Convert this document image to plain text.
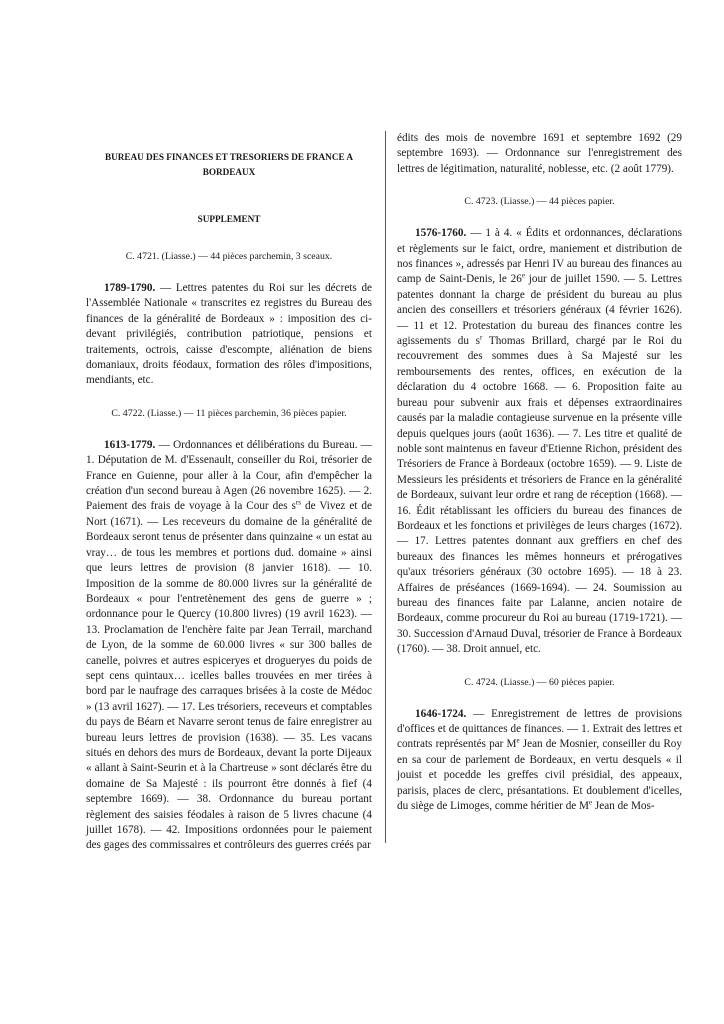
BUREAU DES FINANCES ET TRESORIERS DE FRANCE A BORDEAUX
SUPPLEMENT
C. 4721. (Liasse.) — 44 pièces parchemin, 3 sceaux.

1789-1790. — Lettres patentes du Roi sur les décrets de l'Assemblée Nationale « transcrites ez registres du Bureau des finances de la généralité de Bordeaux » : imposition des ci-devant privilégiés, contribution patriotique, pensions et traitements, octrois, caisse d'escompte, aliénation de biens domaniaux, droits féodaux, formation des rôles d'impositions, mendiants, etc.

C. 4722. (Liasse.) — 11 pièces parchemin, 36 pièces papier.

1613-1779. — Ordonnances et délibérations du Bureau. — 1. Députation de M. d'Essenault, conseiller du Roi, trésorier de France en Guienne, pour aller à la Cour, afin d'empêcher la création d'un second bureau à Agen (26 novembre 1625). — 2. Paiement des frais de voyage à la Cour des $s^{rs}$ de Vivez et de Nort (1671). — Les receveurs du domaine de la généralité de Bordeaux seront tenus de présenter dans quinzaine « un estat au vray… de tous les membres et portions dud. domaine » ainsi que leurs lettres de provision (8 janvier 1618). — 10. Imposition de la somme de 80.000 livres sur la généralité de Bordeaux « pour l'entretènement des gens de guerre » ; ordonnance pour le Quercy (10.800 livres) (19 avril 1623). — 13. Proclamation de l'enchère faite par Jean Terrail, marchand de Lyon, de la somme de 60.000 livres « sur 300 balles de canelle, poivres et autres espiceryes et drogueryes du poids de sept cens quintaux… icelles balles trouvées en mer tirées à bord par le naufrage des carraques brisées à la coste de Médoc » (13 avril 1627). — 17. Les trésoriers, receveurs et comptables du pays de Béarn et Navarre seront tenus de faire enregistrer au bureau leurs lettres de provision (1638). — 35. Les vacans situés en dehors des murs de Bordeaux, devant la porte Dijeaux « allant à Saint-Seurin et à la Chartreuse » sont déclarés être du domaine de Sa Majesté : ils pourront être donnés à fief (4 septembre 1669). — 38. Ordonnance du bureau portant règlement des saisies féodales à raison de 5 livres chacune (4 juillet 1678). — 42. Impositions ordonnées pour le paiement des gages des commissaires et contrôleurs des guerres créés par

édits des mois de novembre 1691 et septembre 1692 (29 septembre 1693). — Ordonnance sur l'enregistrement des lettres de légitimation, naturalité, noblesse, etc. (2 août 1779).

C. 4723. (Liasse.) — 44 pièces papier.

1576-1760. — 1 à 4. « Édits et ordonnances, déclarations et règlements sur le faict, ordre, maniement et distribution de nos finances », adressés par Henri IV au bureau des finances au camp de Saint-Denis, le 26e jour de juillet 1590. — 5. Lettres patentes donnant la charge de président du bureau au plus ancien des conseillers et trésoriers généraux (4 février 1626). — 11 et 12. Protestation du bureau des finances contre les agissements du $s^r$ Thomas Brillard, chargé par le Roi du recouvrement des sommes dues à Sa Majesté sur les remboursements des rentes, offices, en exécution de la déclaration du 4 octobre 1668. — 6. Proposition faite au bureau pour subvenir aux frais et dépenses extraordinaires causés par la maladie contagieuse survenue en la présente ville depuis quelques jours (août 1636). — 7. Les titre et qualité de noble sont maintenus en faveur d'Etienne Richon, président des Trésoriers de France à Bordeaux (octobre 1659). — 9. Liste de Messieurs les présidents et trésoriers de France en la généralité de Bordeaux, suivant leur ordre et rang de réception (1668). — 16. Édit rétablissant les officiers du bureau des finances de Bordeaux et les fonctions et privilèges de leurs charges (1672). — 17. Lettres patentes donnant aux greffiers en chef des bureaux des finances les mêmes honneurs et prérogatives qu'aux trésoriers généraux (30 octobre 1695). — 18 à 23. Affaires de préséances (1669-1694). — 24. Soumission au bureau des finances faite par Lalanne, ancien notaire de Bordeaux, comme procureur du Roi au bureau (1719-1721). — 30. Succession d'Arnaud Duval, trésorier de France à Bordeaux (1760). — 38. Droit annuel, etc.

C. 4724. (Liasse.) — 60 pièces papier.

1646-1724. — Enregistrement de lettres de provisions d'offices et de quittances de finances. — 1. Extrait des lettres et contrats représentés par Me Jean de Mosnier, conseiller du Roy en sa cour de parlement de Bordeaux, en vertu desquels « il jouist et pocedde les greffes civil présidial, des appeaux, parisis, places de clerc, présantations. Et doublement d'icelles, du siège de Limoges, comme héritier de Me Jean de Mos-
